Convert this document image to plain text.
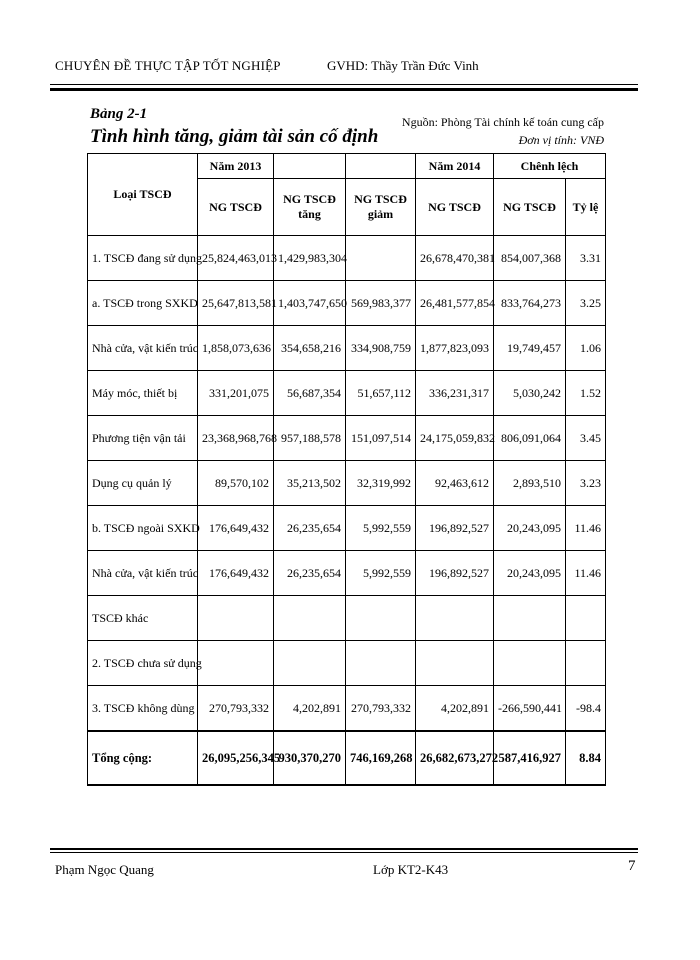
CHUYÊN ĐỀ THỰC TẬP TỐT NGHIỆP	GVHD: Thầy Trần Đức Vinh
Bảng 2-1
Tình hình tăng, giảm tài sản cố định
Nguồn: Phòng Tài chính kế toán cung cấp
Đơn vị tính: VNĐ
Loại TSCĐ	Năm 2013			Năm 2014	Chênh lệch	
	NG TSCĐ	NG TSCĐ tăng	NG TSCĐ giảm	NG TSCĐ	NG TSCĐ	Tỷ lệ
1. TSCĐ đang sử dụng	25,824,463,013	1,429,983,304		26,678,470,381	854,007,368	3.31
a. TSCĐ trong SXKD	25,647,813,581	1,403,747,650	569,983,377	26,481,577,854	833,764,273	3.25
Nhà cửa, vật kiến trúc	1,858,073,636	354,658,216	334,908,759	1,877,823,093	19,749,457	1.06
Máy móc, thiết bị	331,201,075	56,687,354	51,657,112	336,231,317	5,030,242	1.52
Phương tiện vận tải	23,368,968,768	957,188,578	151,097,514	24,175,059,832	806,091,064	3.45
Dụng cụ quản lý	89,570,102	35,213,502	32,319,992	92,463,612	2,893,510	3.23
b. TSCĐ ngoài SXKD	176,649,432	26,235,654	5,992,559	196,892,527	20,243,095	11.46
Nhà cửa, vật kiến trúc	176,649,432	26,235,654	5,992,559	196,892,527	20,243,095	11.46
TSCĐ khác						
2. TSCĐ chưa sử dụng						
3. TSCĐ không dùng	270,793,332	4,202,891	270,793,332	4,202,891	-266,590,441	-98.4
Tổng cộng:	26,095,256,345	930,370,270	746,169,268	26,682,673,272	587,416,927	8.84
Phạm Ngọc Quang	Lớp KT2-K43	7
